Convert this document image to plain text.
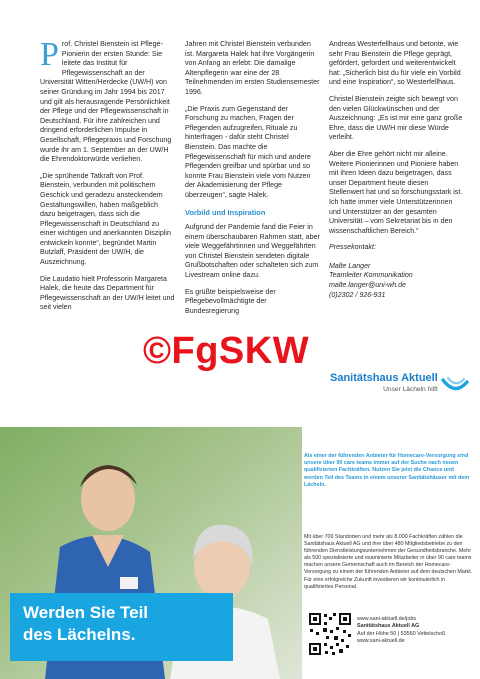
Prof. Christel Bienstein ist Pflege-Pionierin der ersten Stunde: Sie leitete das Institut für Pflegewissenschaft an der Universität Witten/Herdecke (UW/H) von seiner Gründung im Jahr 1994 bis 2017 und gilt als herausragende Persönlichkeit der Pflege und der Pflegewissenschaft in Deutschland. Für ihre zahlreichen und dringend erforderlichen Impulse in Gesellschaft, Pflegepraxis und Forschung wurde ihr am 1. September an der UW/H die Ehrendoktorwürde verliehen.

„Die sprühende Tatkraft von Prof. Bienstein, verbunden mit politischem Geschick und geradezu ansteckendem Gestaltungswillen, haben maßgeblich dazu beigetragen, dass sich die Pflegewissenschaft in Deutschland zu einer wichtigen und anerkannten Disziplin entwickeln konnte“, begründet Martin Butzlaff, Präsident der UW/H, die Auszeichnung.

Die Laudatio hielt Professorin Margareta Halek, die heute das Department für Pflegewissenschaft an der UW/H leitet und seit vielen

Jahren mit Christel Bienstein verbunden ist. Margareta Halek hat ihre Vorgängerin von Anfang an erlebt: Die damalige Altenpflegerin war eine der 28 Teilnehmenden im ersten Studiensemester 1996.

„Die Praxis zum Gegenstand der Forschung zu machen, Fragen der Pflegenden aufzugreifen, Rituale zu hinterfragen - dafür steht Christel Bienstein. Das machte die Pflegewissenschaft für mich und andere Pflegenden greifbar und spürbar und so konnte Frau Bienstein viele vom Nutzen der Akademisierung der Pflege überzeugen“, sagte Halek.

Vorbild und Inspiration

Aufgrund der Pandemie fand die Feier in einem überschaubaren Rahmen statt, aber viele Weggefährtinnen und Weggefährten von Christel Bienstein sendeten digitale Grußbotschaften oder schalteten sich zum Livestream online dazu.

Es grüßte beispielsweise der Pflegebevollmächtigte der Bundesregierung

Andreas Westerfellhaus und betonte, wie sehr Frau Bienstein die Pflege geprägt, gefördert, gefordert und weiterentwickelt hat: „Sicherlich bist du für viele ein Vorbild und eine Inspiration“, so Westerfellhaus.

Christel Bienstein zeigte sich bewegt von den vielen Glückwünschen und der Auszeichnung: „Es ist mir eine ganz große Ehre, dass die UW/H mir diese Würde verleiht.

Aber die Ehre gehört nicht mir alleine. Weitere Pionierinnen und Pioniere haben mit ihren Ideen dazu beigetragen, dass unser Department heute diesen Stellenwert hat und so forschungsstark ist. Ich hatte immer viele Unterstützerinnen und Unterstützer an der gesamten Universität – vom Sekretariat bis in den wissenschaftlichen Bereich.“

Pressekontakt:
Malte Langer
Teamleiter Kommunikation
malte.langer@uni-wh.de
(0)2302 / 926-931
©FgSKW
Sanitätshaus Aktuell
Unser Lächeln hilft

Als einer der führenden Anbieter für Homecare-Versorgung sind unsere über 90 care teams immer auf der Suche nach neuen qualifizierten Fachkräften. Nutzen Sie jetzt die Chance und werden Teil des Teams in einem unserer Sanitätshäuser mit dem Lächeln.

Mit über 700 Standorten und mehr als 8.000 Fachkräften zählen die Sanitätshaus Aktuell AG und ihre über 480 Mitgliedsbetriebe zu den führenden Dienstleistungsunternehmen der Gesundheitsbranche. Mehr als 500 spezialisierte und examinierte Mitarbeiter in über 90 care teams machen unsere Gemeinschaft auch im Bereich der Homecare-Versorgung zu einem der führenden Anbieter auf dem deutschen Markt. Für eine erfolgreiche Zukunft investieren wir kontinuierlich in qualifiziertes Personal.

Werden Sie Teil
des Lächelns.

www.sani-aktuell.de/jobs
Sanitätshaus Aktuell AG
Auf der Höhe 50 | 53560 Vettelschoß
www.sani-aktuell.de
